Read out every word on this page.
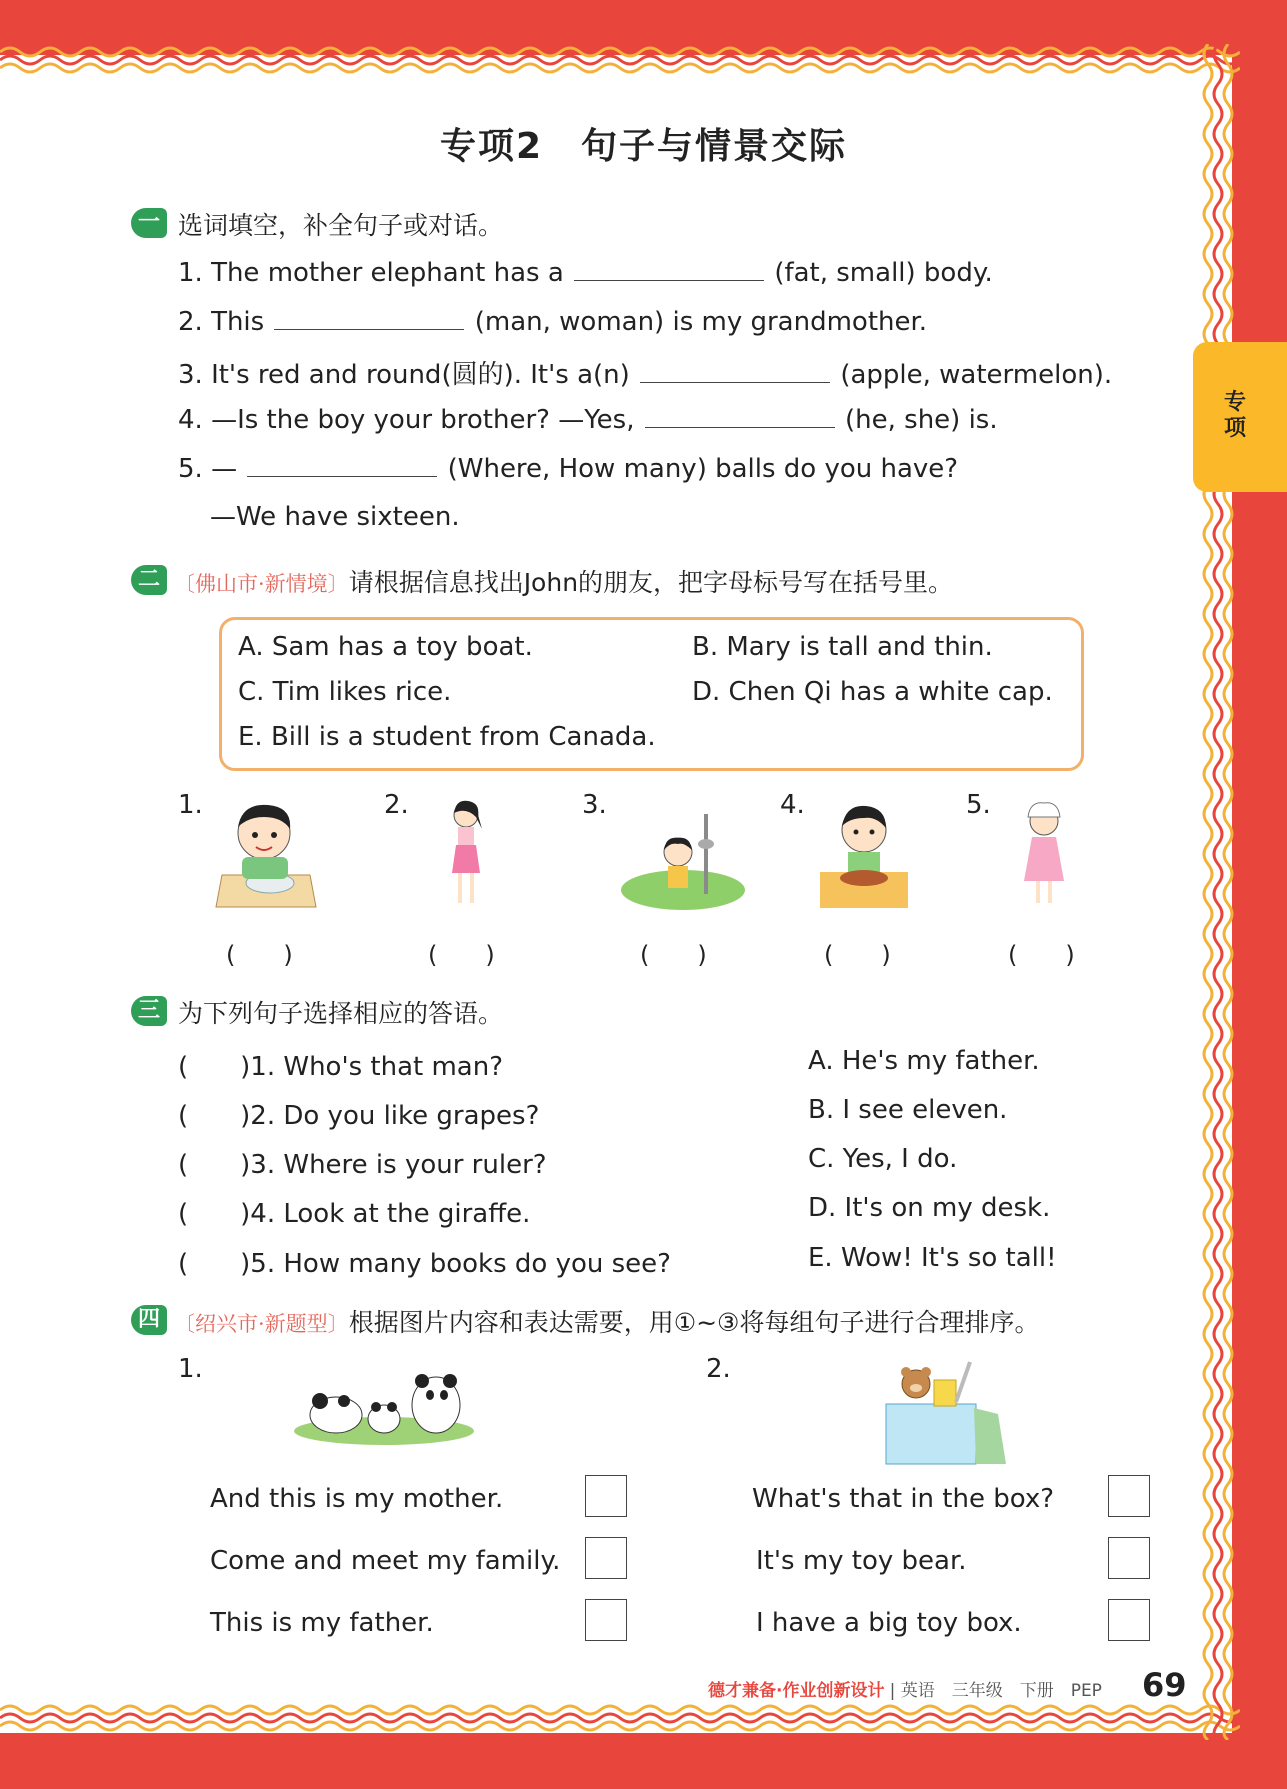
专项
专项2　句子与情景交际
一 选词填空，补全句子或对话。
1. The mother elephant has a	(fat, small) body.
2. This	(man, woman) is my grandmother.
3. It's red and round(圆的). It's a(n)	(apple, watermelon).
4. —Is the boy your brother? —Yes,	(he, she) is.
5. —	(Where, How many) balls do you have?
—We have sixteen.
二 〔佛山市·新情境〕请根据信息找出John的朋友，把字母标号写在括号里。
A. Sam has a toy boat.	B. Mary is tall and thin.
C. Tim likes rice.	D. Chen Qi has a white cap.
E. Bill is a student from Canada.
1.	2.	3.	4.	5.
(　　)	(　　)	(　　)	(　　)	(　　)
三 为下列句子选择相应的答语。
(　　)1. Who's that man?
(　　)2. Do you like grapes?
(　　)3. Where is your ruler?
(　　)4. Look at the giraffe.
(　　)5. How many books do you see?
A. He's my father.
B. I see eleven.
C. Yes, I do.
D. It's on my desk.
E. Wow! It's so tall!
四 〔绍兴市·新题型〕根据图片内容和表达需要，用①~③将每组句子进行合理排序。
1.	2.
And this is my mother.
Come and meet my family.
This is my father.
What's that in the box?
It's my toy bear.
I have a big toy box.
德才兼备·作业创新设计 | 英语　三年级　下册　PEP 69
